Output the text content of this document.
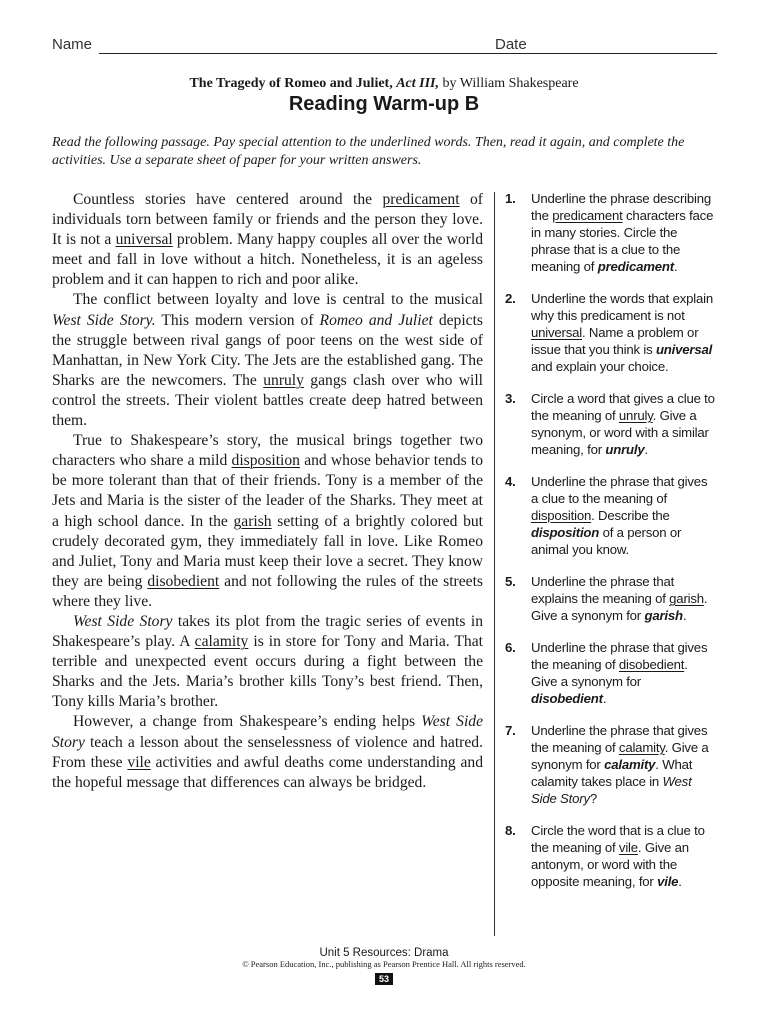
Name	Date
The Tragedy of Romeo and Juliet, Act III, by William Shakespeare
Reading Warm-up B
Read the following passage. Pay special attention to the underlined words. Then, read it again, and complete the activities. Use a separate sheet of paper for your written answers.

Countless stories have centered around the predicament of individuals torn between family or friends and the person they love. It is not a universal problem. Many happy couples all over the world meet and fall in love without a hitch. Nonetheless, it is an ageless problem and it can happen to rich and poor alike.

The conflict between loyalty and love is central to the musical West Side Story. This modern version of Romeo and Juliet depicts the struggle between rival gangs of poor teens on the west side of Manhattan, in New York City. The Jets are the established gang. The Sharks are the newcomers. The unruly gangs clash over who will control the streets. Their violent battles create deep hatred between them.

True to Shakespeare’s story, the musical brings together two characters who share a mild disposition and whose behavior tends to be more tolerant than that of their friends. Tony is a member of the Jets and Maria is the sister of the leader of the Sharks. They meet at a high school dance. In the garish setting of a brightly colored but crudely decorated gym, they immediately fall in love. Like Romeo and Juliet, Tony and Maria must keep their love a secret. They know they are being disobedient and not following the rules of the streets where they live.

West Side Story takes its plot from the tragic series of events in Shakespeare’s play. A calamity is in store for Tony and Maria. That terrible and unexpected event occurs during a fight between the Sharks and the Jets. Maria’s brother kills Tony’s best friend. Then, Tony kills Maria’s brother.

However, a change from Shakespeare’s ending helps West Side Story teach a lesson about the senselessness of violence and hatred. From these vile activities and awful deaths come understanding and the hopeful message that differences can always be bridged.

1. Underline the phrase describing the predicament characters face in many stories. Circle the phrase that is a clue to the meaning of predicament.
2. Underline the words that explain why this predicament is not universal. Name a problem or issue that you think is universal and explain your choice.
3. Circle a word that gives a clue to the meaning of unruly. Give a synonym, or word with a similar meaning, for unruly.
4. Underline the phrase that gives a clue to the meaning of disposition. Describe the disposition of a person or animal you know.
5. Underline the phrase that explains the meaning of garish. Give a synonym for garish.
6. Underline the phrase that gives the meaning of disobedient. Give a synonym for disobedient.
7. Underline the phrase that gives the meaning of calamity. Give a synonym for calamity. What calamity takes place in West Side Story?
8. Circle the word that is a clue to the meaning of vile. Give an antonym, or word with the opposite meaning, for vile.
Unit 5 Resources: Drama
© Pearson Education, Inc., publishing as Pearson Prentice Hall. All rights reserved.
53
